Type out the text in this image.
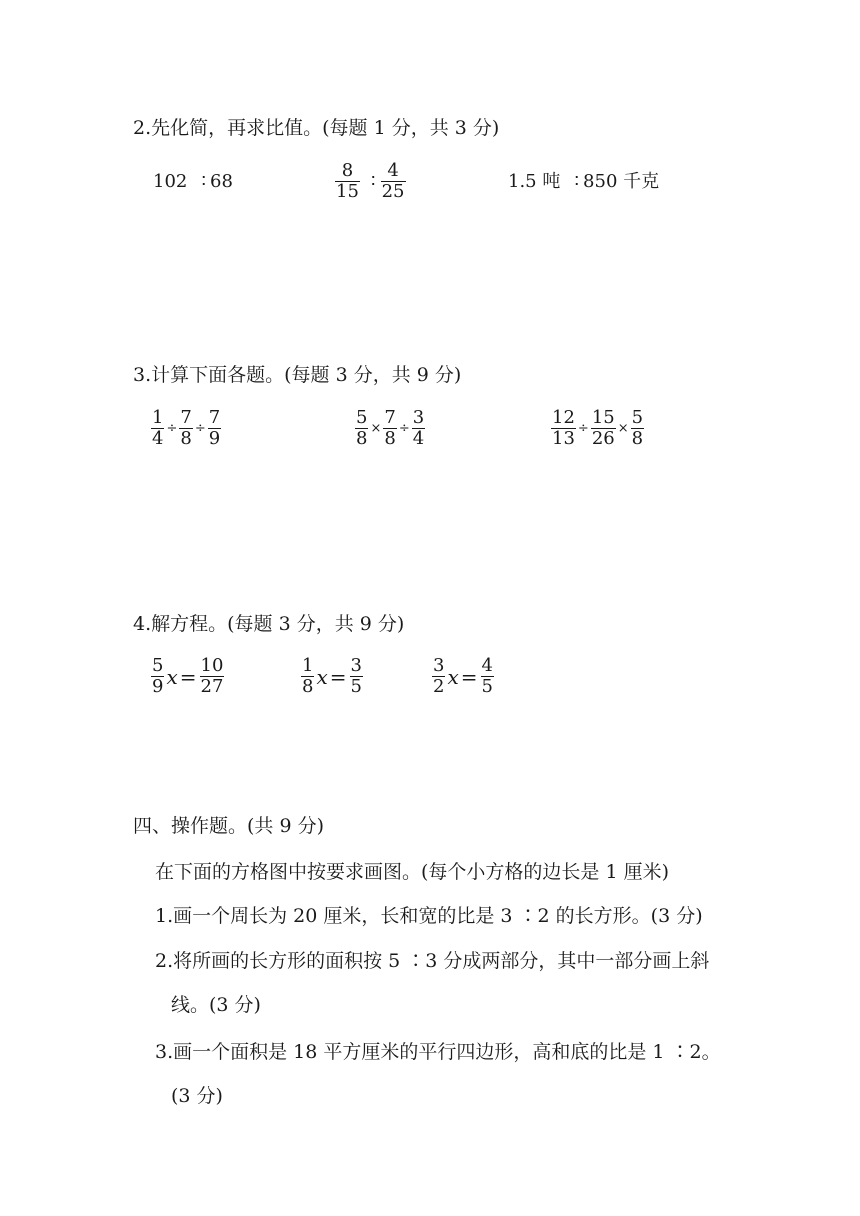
2.先化简，再求比值。(每题 1 分，共 3 分)
102 ∶ 68	$\frac{8}{15}$ ∶ $\frac{4}{25}$	1.5 吨 ∶ 850 千克
3.计算下面各题。(每题 3 分，共 9 分)
$\frac{1}{4} \div \frac{7}{8} \div \frac{7}{9}$	$\frac{5}{8} \times \frac{7}{8} \div \frac{3}{4}$	$\frac{12}{13} \div \frac{15}{26} \times \frac{5}{8}$
4.解方程。(每题 3 分，共 9 分)
$\frac{5}{9}$ $x = \frac{10}{27}$	$\frac{1}{8}$ $x = \frac{3}{5}$	$\frac{3}{2}$ $x = \frac{4}{5}$
四、操作题。(共 9 分)
在下面的方格图中按要求画图。(每个小方格的边长是 1 厘米)
1.画一个周长为 20 厘米，长和宽的比是 3 ∶2 的长方形。(3 分)
2.将所画的长方形的面积按 5 ∶3 分成两部分，其中一部分画上斜
线。(3 分)
3.画一个面积是 18 平方厘米的平行四边形，高和底的比是 1 ∶2。
(3 分)
